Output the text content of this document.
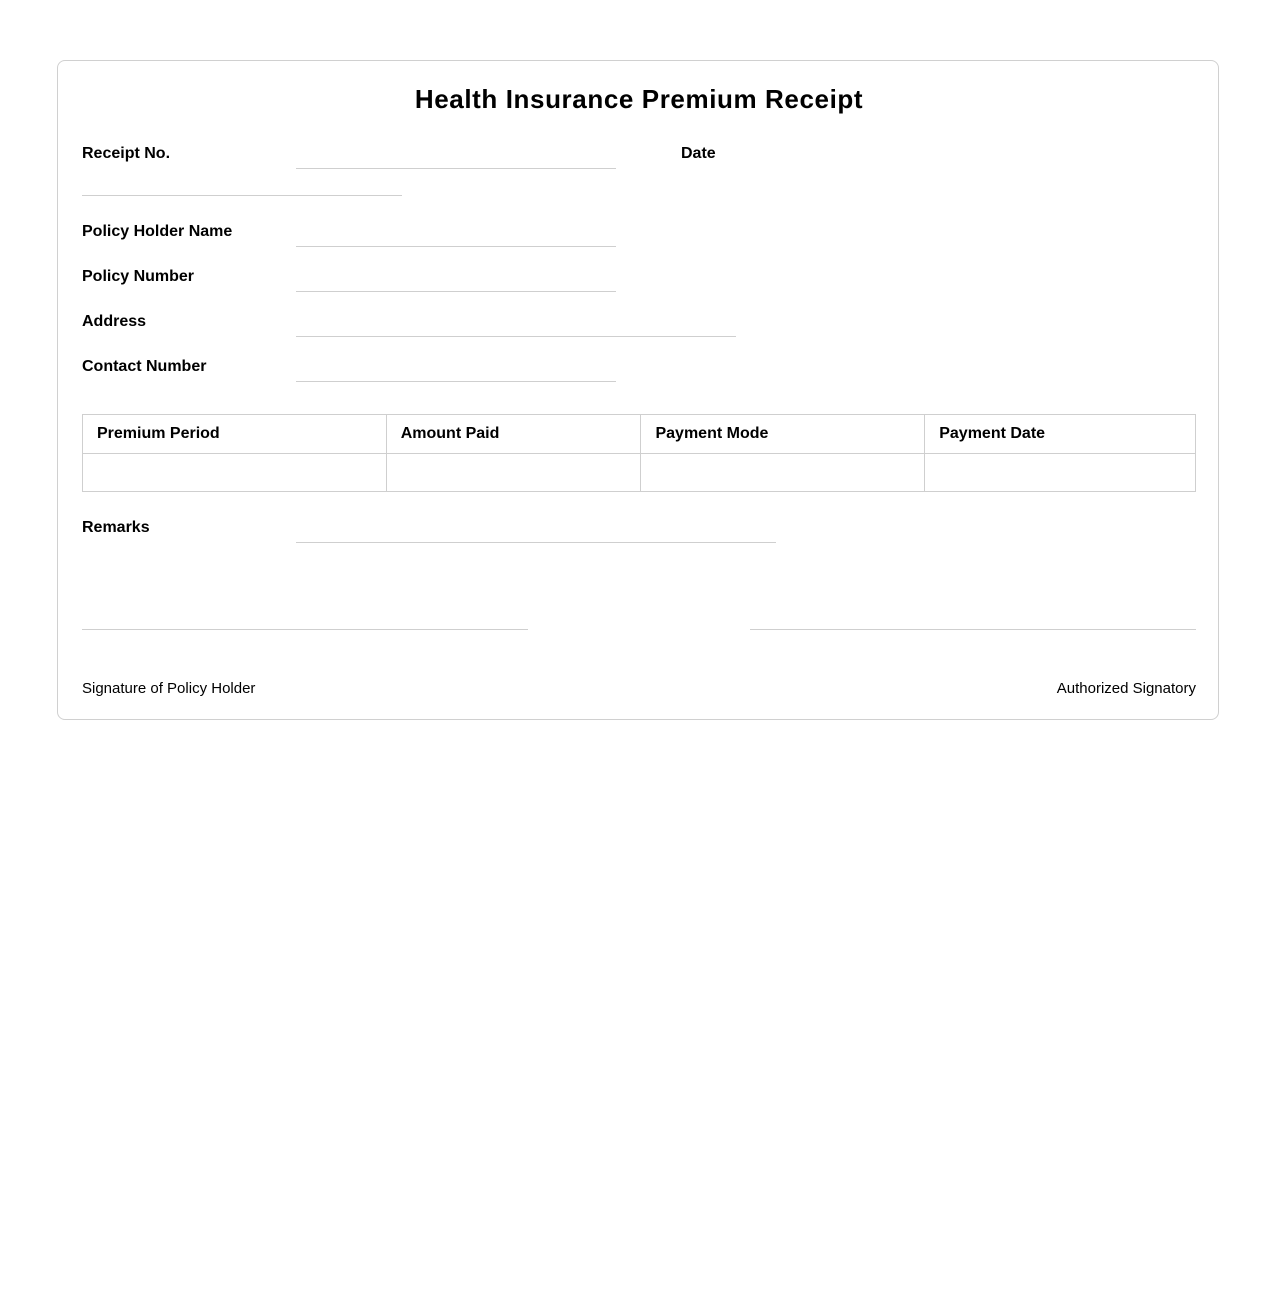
Health Insurance Premium Receipt
Receipt No.	Date
Policy Holder Name
Policy Number
Address
Contact Number
Premium Period	Amount Paid	Payment Mode	Payment Date

Remarks
Signature of Policy Holder	Authorized Signatory
